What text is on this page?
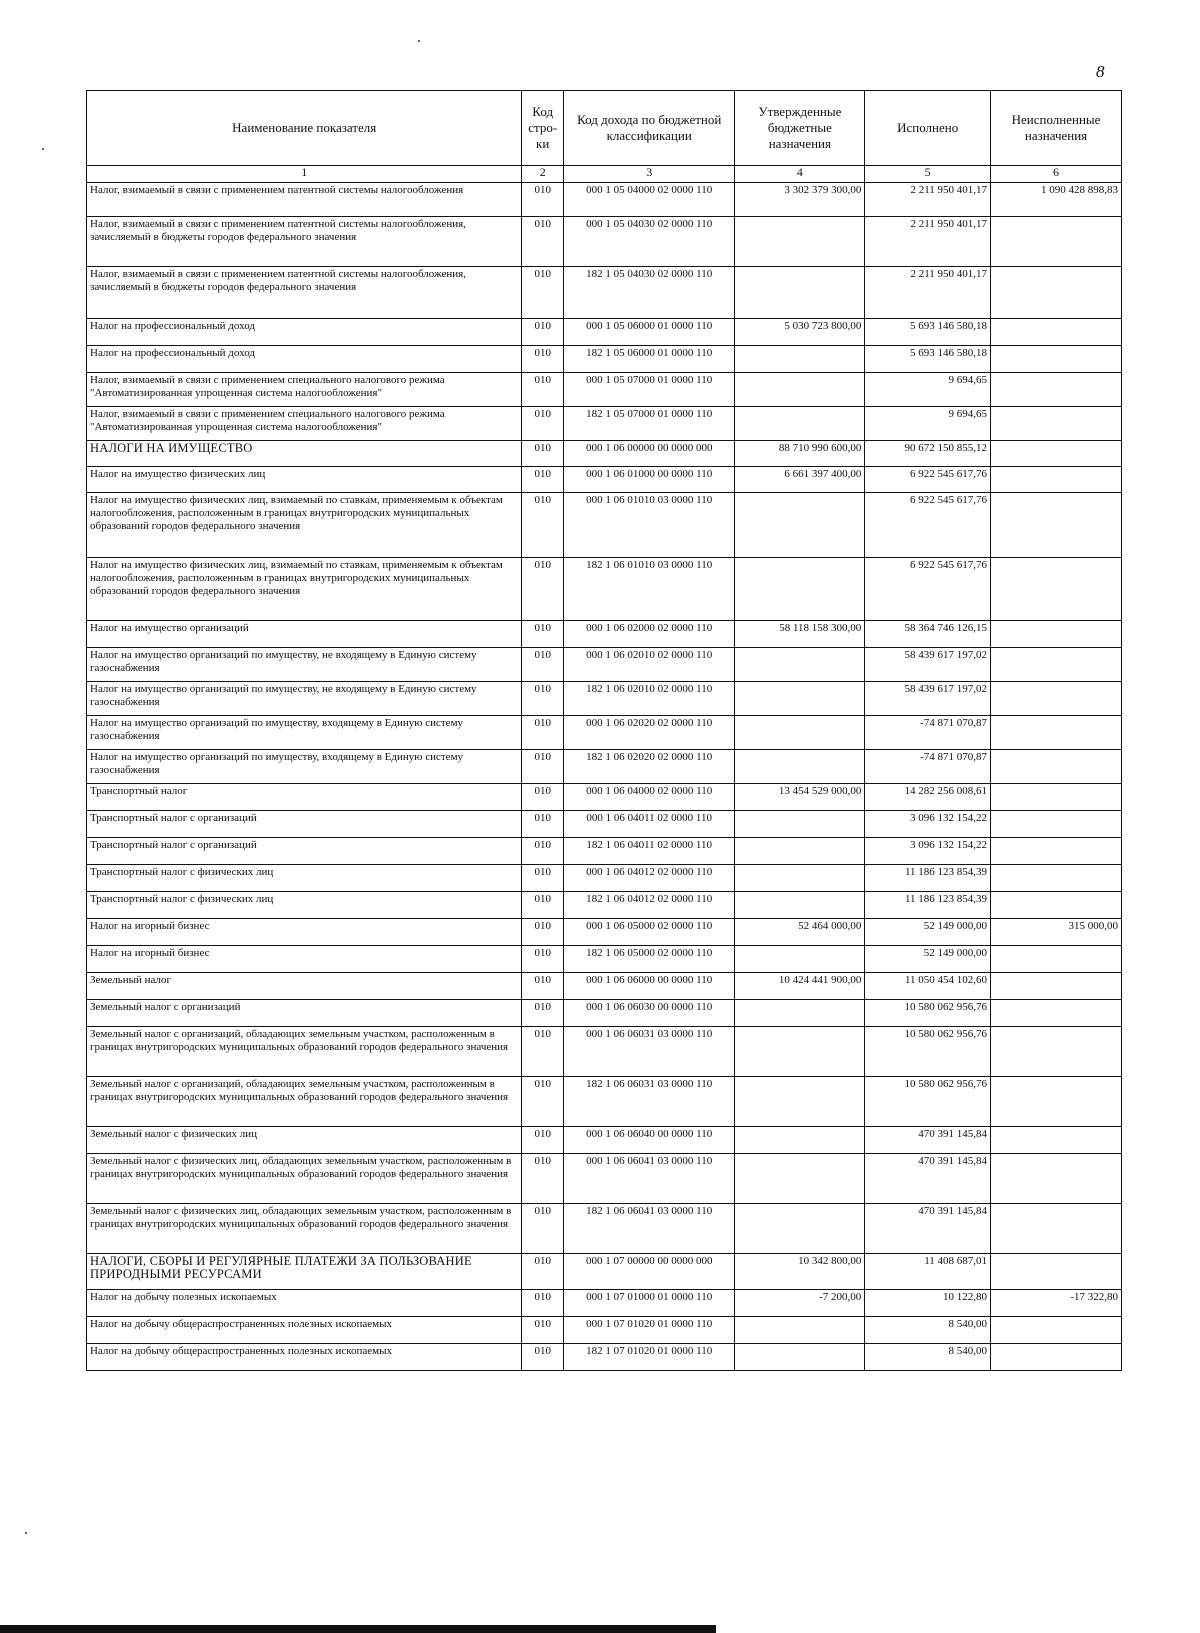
8
Наименование показателя	Код стро- ки	Код дохода по бюджетной классификации	Утвержденные бюджетные назначения	Исполнено	Неисполненные назначения
1	2	3	4	5	6
Налог, взимаемый в связи с применением патентной системы налогообложения	010	000 1 05 04000 02 0000 110	3 302 379 300,00	2 211 950 401,17	1 090 428 898,83
Налог, взимаемый в связи с применением патентной системы налогообложения, зачисляемый в бюджеты городов федерального значения	010	000 1 05 04030 02 0000 110		2 211 950 401,17	
Налог, взимаемый в связи с применением патентной системы налогообложения, зачисляемый в бюджеты городов федерального значения	010	182 1 05 04030 02 0000 110		2 211 950 401,17	
Налог на профессиональный доход	010	000 1 05 06000 01 0000 110	5 030 723 800,00	5 693 146 580,18	
Налог на профессиональный доход	010	182 1 05 06000 01 0000 110		5 693 146 580,18	
Налог, взимаемый в связи с применением специального налогового режима "Автоматизированная упрощенная система налогообложения"	010	000 1 05 07000 01 0000 110		9 694,65	
Налог, взимаемый в связи с применением специального налогового режима "Автоматизированная упрощенная система налогообложения"	010	182 1 05 07000 01 0000 110		9 694,65	
НАЛОГИ НА ИМУЩЕСТВО	010	000 1 06 00000 00 0000 000	88 710 990 600,00	90 672 150 855,12	
Налог на имущество физических лиц	010	000 1 06 01000 00 0000 110	6 661 397 400,00	6 922 545 617,76	
Налог на имущество физических лиц, взимаемый по ставкам, применяемым к объектам налогообложения, расположенным в границах внутригородских муниципальных образований городов федерального значения	010	000 1 06 01010 03 0000 110		6 922 545 617,76	
Налог на имущество физических лиц, взимаемый по ставкам, применяемым к объектам налогообложения, расположенным в границах внутригородских муниципальных образований городов федерального значения	010	182 1 06 01010 03 0000 110		6 922 545 617,76	
Налог на имущество организаций	010	000 1 06 02000 02 0000 110	58 118 158 300,00	58 364 746 126,15	
Налог на имущество организаций по имуществу, не входящему в Единую систему газоснабжения	010	000 1 06 02010 02 0000 110		58 439 617 197,02	
Налог на имущество организаций по имуществу, не входящему в Единую систему газоснабжения	010	182 1 06 02010 02 0000 110		58 439 617 197,02	
Налог на имущество организаций по имуществу, входящему в Единую систему газоснабжения	010	000 1 06 02020 02 0000 110		-74 871 070,87	
Налог на имущество организаций по имуществу, входящему в Единую систему газоснабжения	010	182 1 06 02020 02 0000 110		-74 871 070,87	
Транспортный налог	010	000 1 06 04000 02 0000 110	13 454 529 000,00	14 282 256 008,61	
Транспортный налог с организаций	010	000 1 06 04011 02 0000 110		3 096 132 154,22	
Транспортный налог с организаций	010	182 1 06 04011 02 0000 110		3 096 132 154,22	
Транспортный налог с физических лиц	010	000 1 06 04012 02 0000 110		11 186 123 854,39	
Транспортный налог с физических лиц	010	182 1 06 04012 02 0000 110		11 186 123 854,39	
Налог на игорный бизнес	010	000 1 06 05000 02 0000 110	52 464 000,00	52 149 000,00	315 000,00
Налог на игорный бизнес	010	182 1 06 05000 02 0000 110		52 149 000,00	
Земельный налог	010	000 1 06 06000 00 0000 110	10 424 441 900,00	11 050 454 102,60	
Земельный налог с организаций	010	000 1 06 06030 00 0000 110		10 580 062 956,76	
Земельный налог с организаций, обладающих земельным участком, расположенным в границах внутригородских муниципальных образований городов федерального значения	010	000 1 06 06031 03 0000 110		10 580 062 956,76	
Земельный налог с организаций, обладающих земельным участком, расположенным в границах внутригородских муниципальных образований городов федерального значения	010	182 1 06 06031 03 0000 110		10 580 062 956,76	
Земельный налог с физических лиц	010	000 1 06 06040 00 0000 110		470 391 145,84	
Земельный налог с физических лиц, обладающих земельным участком, расположенным в границах внутригородских муниципальных образований городов федерального значения	010	000 1 06 06041 03 0000 110		470 391 145,84	
Земельный налог с физических лиц, обладающих земельным участком, расположенным в границах внутригородских муниципальных образований городов федерального значения	010	182 1 06 06041 03 0000 110		470 391 145,84	
НАЛОГИ, СБОРЫ И РЕГУЛЯРНЫЕ ПЛАТЕЖИ ЗА ПОЛЬЗОВАНИЕ ПРИРОДНЫМИ РЕСУРСАМИ	010	000 1 07 00000 00 0000 000	10 342 800,00	11 408 687,01	
Налог на добычу полезных ископаемых	010	000 1 07 01000 01 0000 110	-7 200,00	10 122,80	-17 322,80
Налог на добычу общераспространенных полезных ископаемых	010	000 1 07 01020 01 0000 110		8 540,00	
Налог на добычу общераспространенных полезных ископаемых	010	182 1 07 01020 01 0000 110		8 540,00	
